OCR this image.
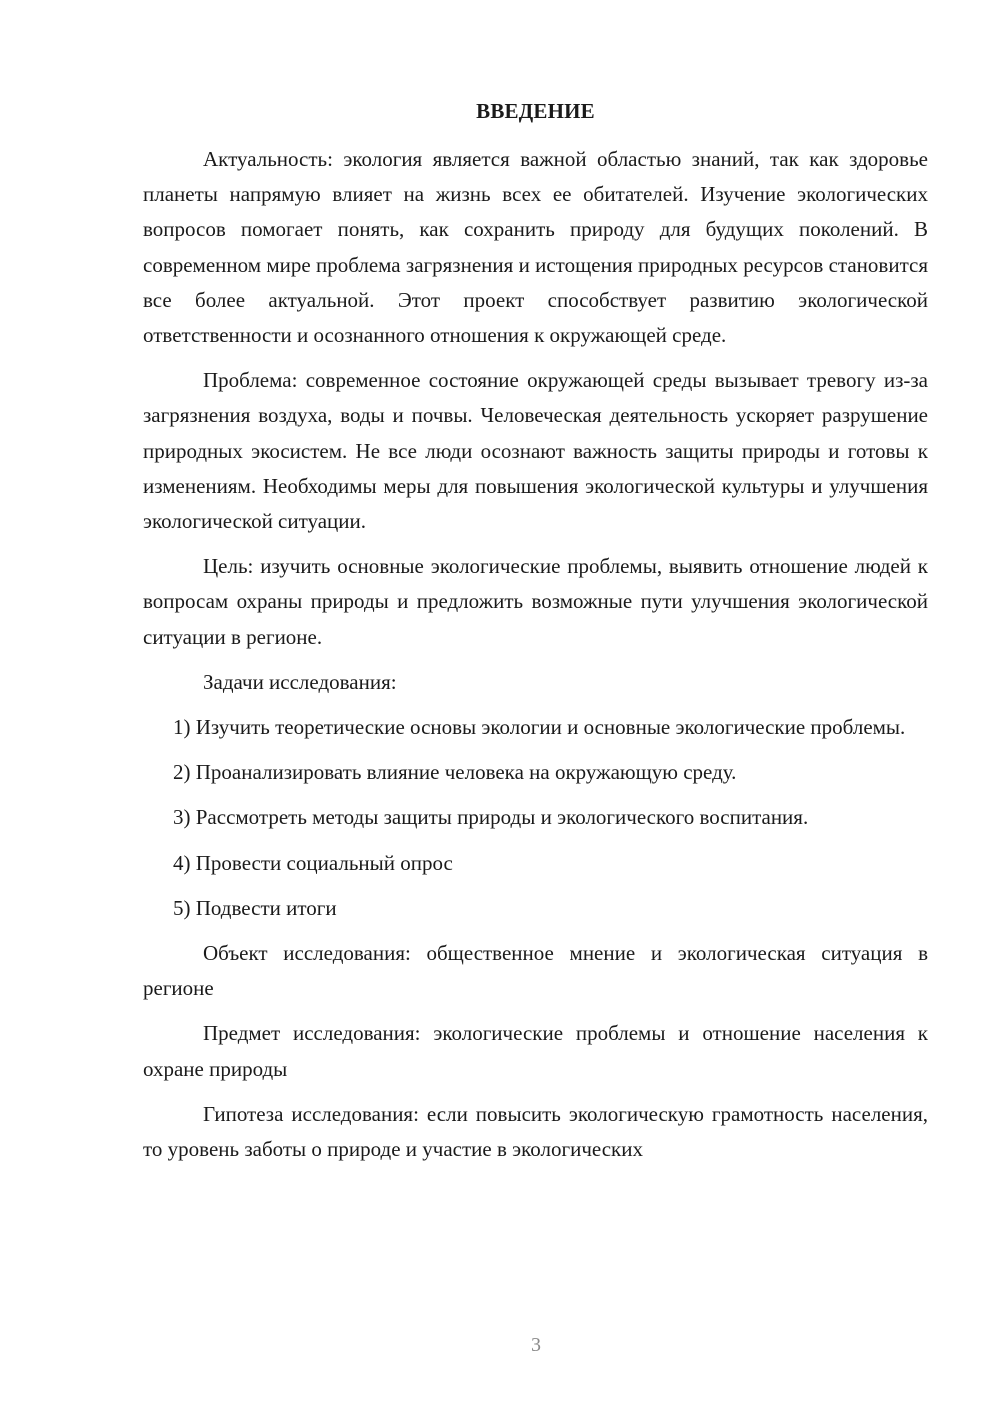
ВВЕДЕНИЕ

Актуальность: экология является важной областью знаний, так как здоровье планеты напрямую влияет на жизнь всех ее обитателей. Изучение экологических вопросов помогает понять, как сохранить природу для будущих поколений. В современном мире проблема загрязнения и истощения природных ресурсов становится все более актуальной. Этот проект способствует развитию экологической ответственности и осознанного отношения к окружающей среде.

Проблема: современное состояние окружающей среды вызывает тревогу из-за загрязнения воздуха, воды и почвы. Человеческая деятельность ускоряет разрушение природных экосистем. Не все люди осознают важность защиты природы и готовы к изменениям. Необходимы меры для повышения экологической культуры и улучшения экологической ситуации.

Цель: изучить основные экологические проблемы, выявить отношение людей к вопросам охраны природы и предложить возможные пути улучшения экологической ситуации в регионе.

Задачи исследования:

1) Изучить теоретические основы экологии и основные экологические проблемы.

2) Проанализировать влияние человека на окружающую среду.

3) Рассмотреть методы защиты природы и экологического воспитания.

4) Провести социальный опрос

5) Подвести итоги

Объект исследования: общественное мнение и экологическая ситуация в регионе

Предмет исследования: экологические проблемы и отношение населения к охране природы

Гипотеза исследования: если повысить экологическую грамотность населения, то уровень заботы о природе и участие в экологических

3
